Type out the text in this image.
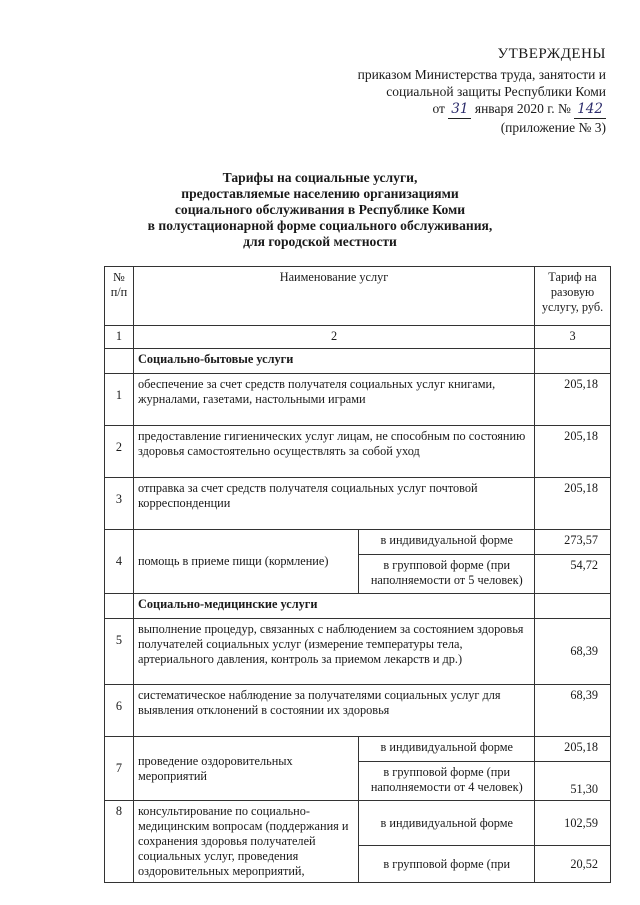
УТВЕРЖДЕНЫ
приказом Министерства труда, занятости и
социальной защиты Республики Коми
от 31 января 2020 г. № 142
(приложение № 3)
Тарифы на социальные услуги,
предоставляемые населению организациями
социального обслуживания в Республике Коми
в полустационарной форме социального обслуживания,
для городской местности
№ п/п	Наименование услуг		Тариф на разовую услугу, руб.
1	2		3
	Социально-бытовые услуги		
1	обеспечение за счет средств получателя социальных услуг книгами, журналами, газетами, настольными играми		205,18
2	предоставление гигиенических услуг лицам, не способным по состоянию здоровья самостоятельно осуществлять за собой уход		205,18
3	отправка за счет средств получателя социальных услуг почтовой корреспонденции		205,18
4	помощь в приеме пищи (кормление)	в индивидуальной форме	273,57
		в групповой форме (при наполняемости от 5 человек)	54,72
	Социально-медицинские услуги		
5	выполнение процедур, связанных с наблюдением за состоянием здоровья получателей социальных услуг (измерение температуры тела, артериального давления, контроль за приемом лекарств и др.)		68,39
6	систематическое наблюдение за получателями социальных услуг для выявления отклонений в состоянии их здоровья		68,39
7	проведение оздоровительных мероприятий	в индивидуальной форме	205,18
		в групповой форме (при наполняемости от 4 человек)	51,30
8	консультирование по социально-медицинским вопросам (поддержания и сохранения здоровья получателей социальных услуг, проведения оздоровительных мероприятий,	в индивидуальной форме	102,59
		в групповой форме (при	20,52
